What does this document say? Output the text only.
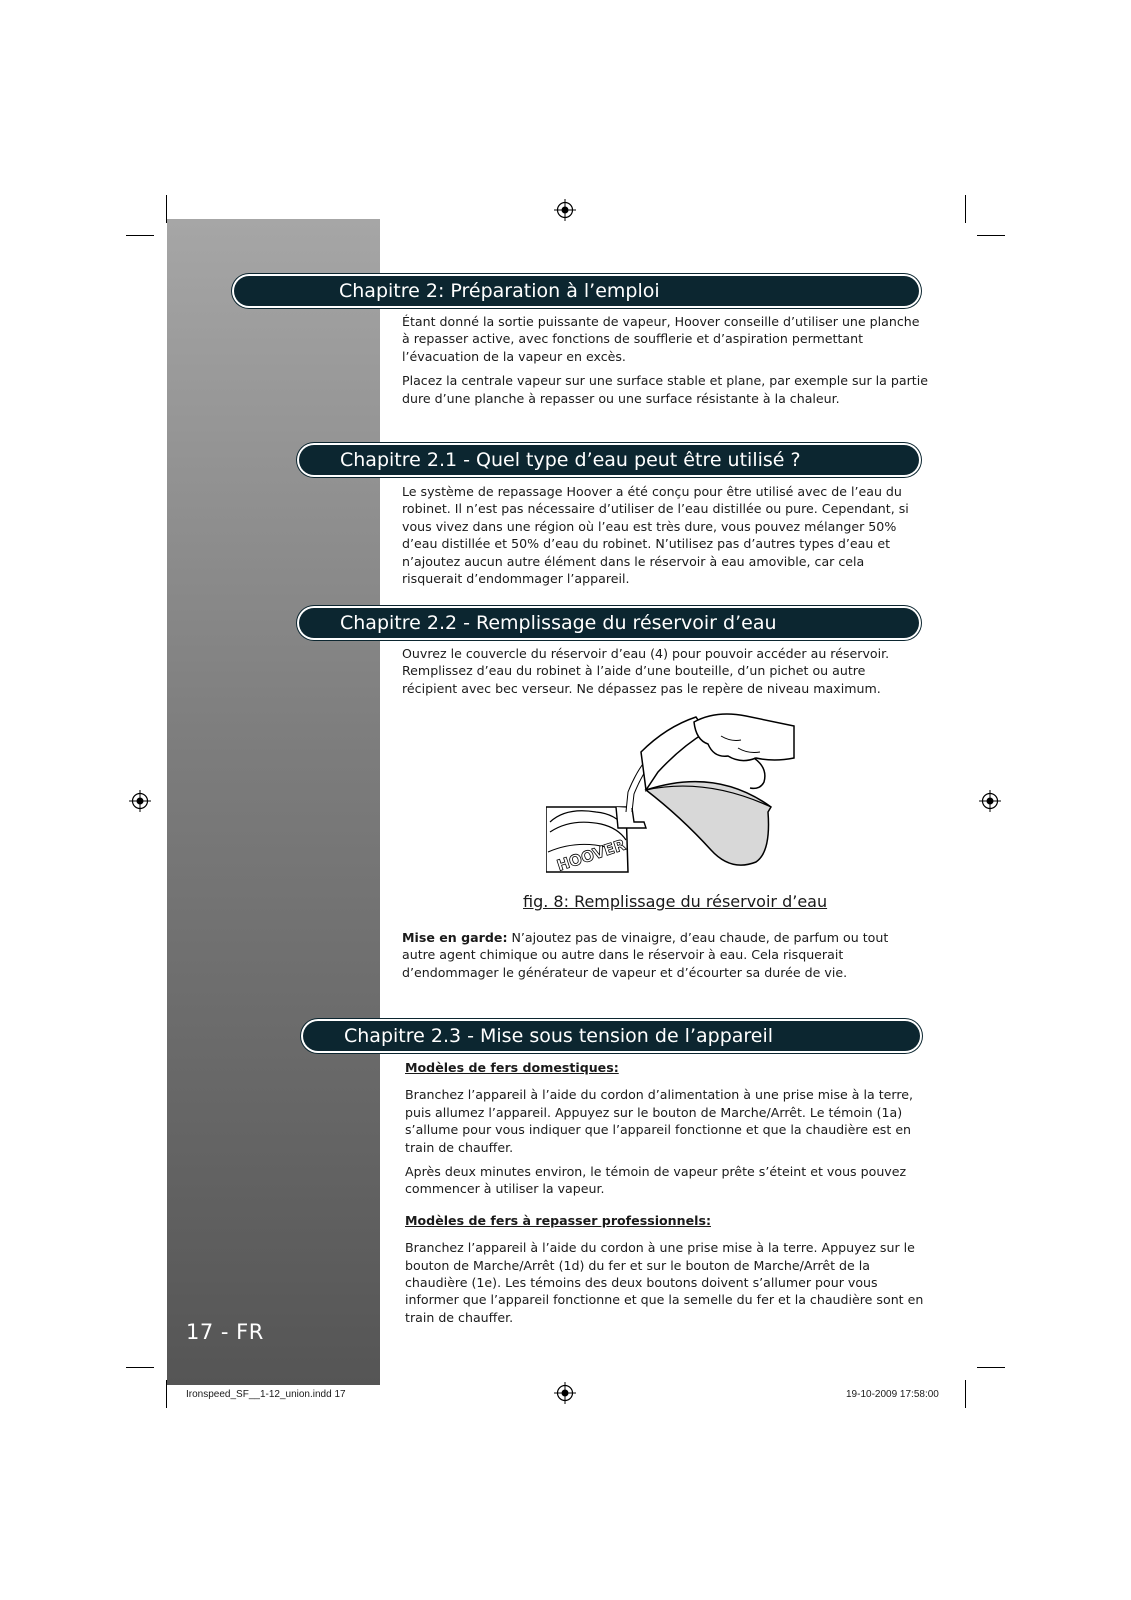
17 - FR
Chapitre 2: Préparation à l’emploi

Étant donné la sortie puissante de vapeur, Hoover conseille d’utiliser une planche à repasser active, avec fonctions de soufflerie et d’aspiration permettant l’évacuation de la vapeur en excès.

Placez la centrale vapeur sur une surface stable et plane, par exemple sur la partie dure d’une planche à repasser ou une surface résistante à la chaleur.

Chapitre 2.1 - Quel type d’eau peut être utilisé ?

Le système de repassage Hoover a été conçu pour être utilisé avec de l’eau du robinet. Il n’est pas nécessaire d’utiliser de l’eau distillée ou pure. Cependant, si vous vivez dans une région où l’eau est très dure, vous pouvez mélanger 50% d’eau distillée et 50% d’eau du robinet. N’utilisez pas d’autres types d’eau et n’ajoutez aucun autre élément dans le réservoir à eau amovible, car cela risquerait d’endommager l’appareil.

Chapitre 2.2 - Remplissage du réservoir d’eau

Ouvrez le couvercle du réservoir d’eau (4) pour pouvoir accéder au réservoir. Remplissez d’eau du robinet à l’aide d’une bouteille, d’un pichet ou autre récipient avec bec verseur. Ne dépassez pas le repère de niveau maximum.

HOOVER
fig. 8: Remplissage du réservoir d’eau

Mise en garde: N’ajoutez pas de vinaigre, d’eau chaude, de parfum ou tout autre agent chimique ou autre dans le réservoir à eau. Cela risquerait d’endommager le générateur de vapeur et d’écourter sa durée de vie.

Chapitre 2.3 - Mise sous tension de l’appareil

Modèles de fers domestiques:

Branchez l’appareil à l’aide du cordon d’alimentation à une prise mise à la terre, puis allumez l’appareil. Appuyez sur le bouton de Marche/Arrêt. Le témoin (1a) s’allume pour vous indiquer que l’appareil fonctionne et que la chaudière est en train de chauffer.

Après deux minutes environ, le témoin de vapeur prête s’éteint et vous pouvez commencer à utiliser la vapeur.

Modèles de fers à repasser professionnels:

Branchez l’appareil à l’aide du cordon à une prise mise à la terre. Appuyez sur le bouton de Marche/Arrêt (1d) du fer et sur le bouton de Marche/Arrêt de la chaudière (1e). Les témoins des deux boutons doivent s’allumer pour vous informer que l’appareil fonctionne et que la semelle du fer et la chaudière sont en train de chauffer.

Ironspeed_SF__1-12_union.indd 17	19-10-2009 17:58:00
